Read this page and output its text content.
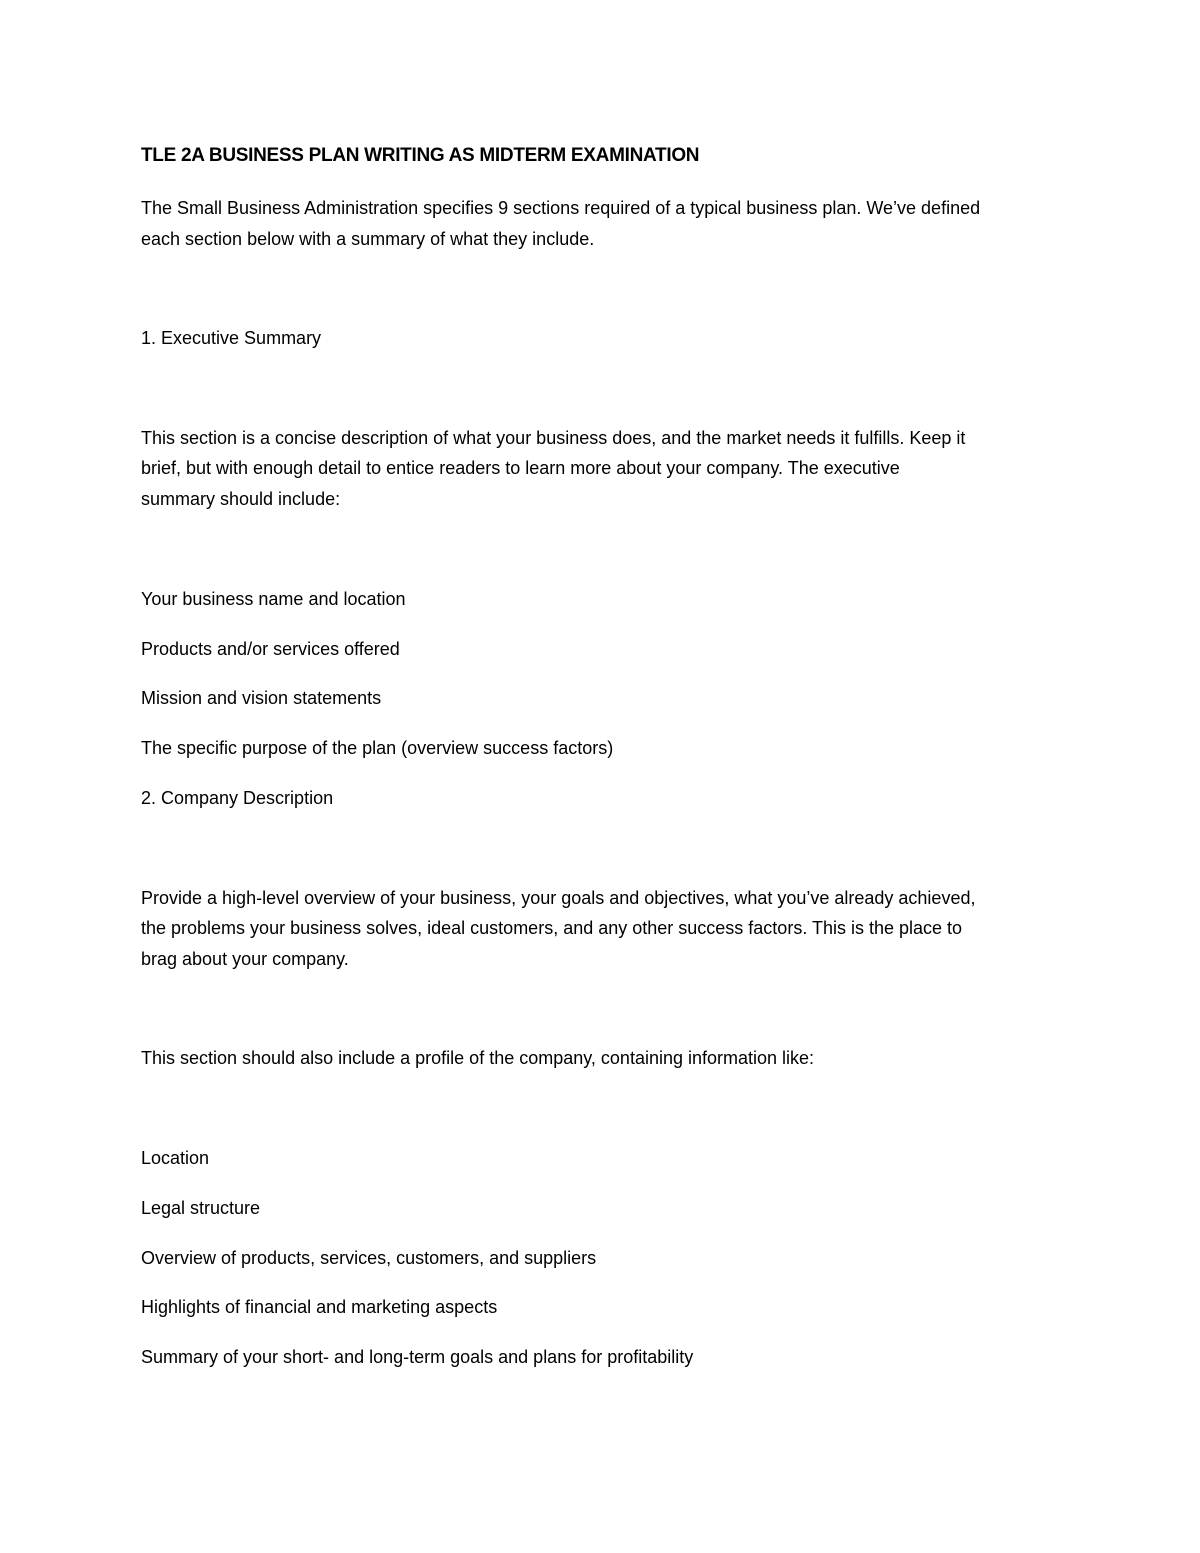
TLE 2A BUSINESS PLAN WRITING AS MIDTERM EXAMINATION
The Small Business Administration specifies 9 sections required of a typical business plan. We’ve defined
each section below with a summary of what they include.
1. Executive Summary
This section is a concise description of what your business does, and the market needs it fulfills. Keep it
brief, but with enough detail to entice readers to learn more about your company. The executive
summary should include:
Your business name and location
Products and/or services offered
Mission and vision statements
The specific purpose of the plan (overview success factors)
2. Company Description
Provide a high-level overview of your business, your goals and objectives, what you’ve already achieved,
the problems your business solves, ideal customers, and any other success factors. This is the place to
brag about your company.
This section should also include a profile of the company, containing information like:
Location
Legal structure
Overview of products, services, customers, and suppliers
Highlights of financial and marketing aspects
Summary of your short- and long-term goals and plans for profitability
